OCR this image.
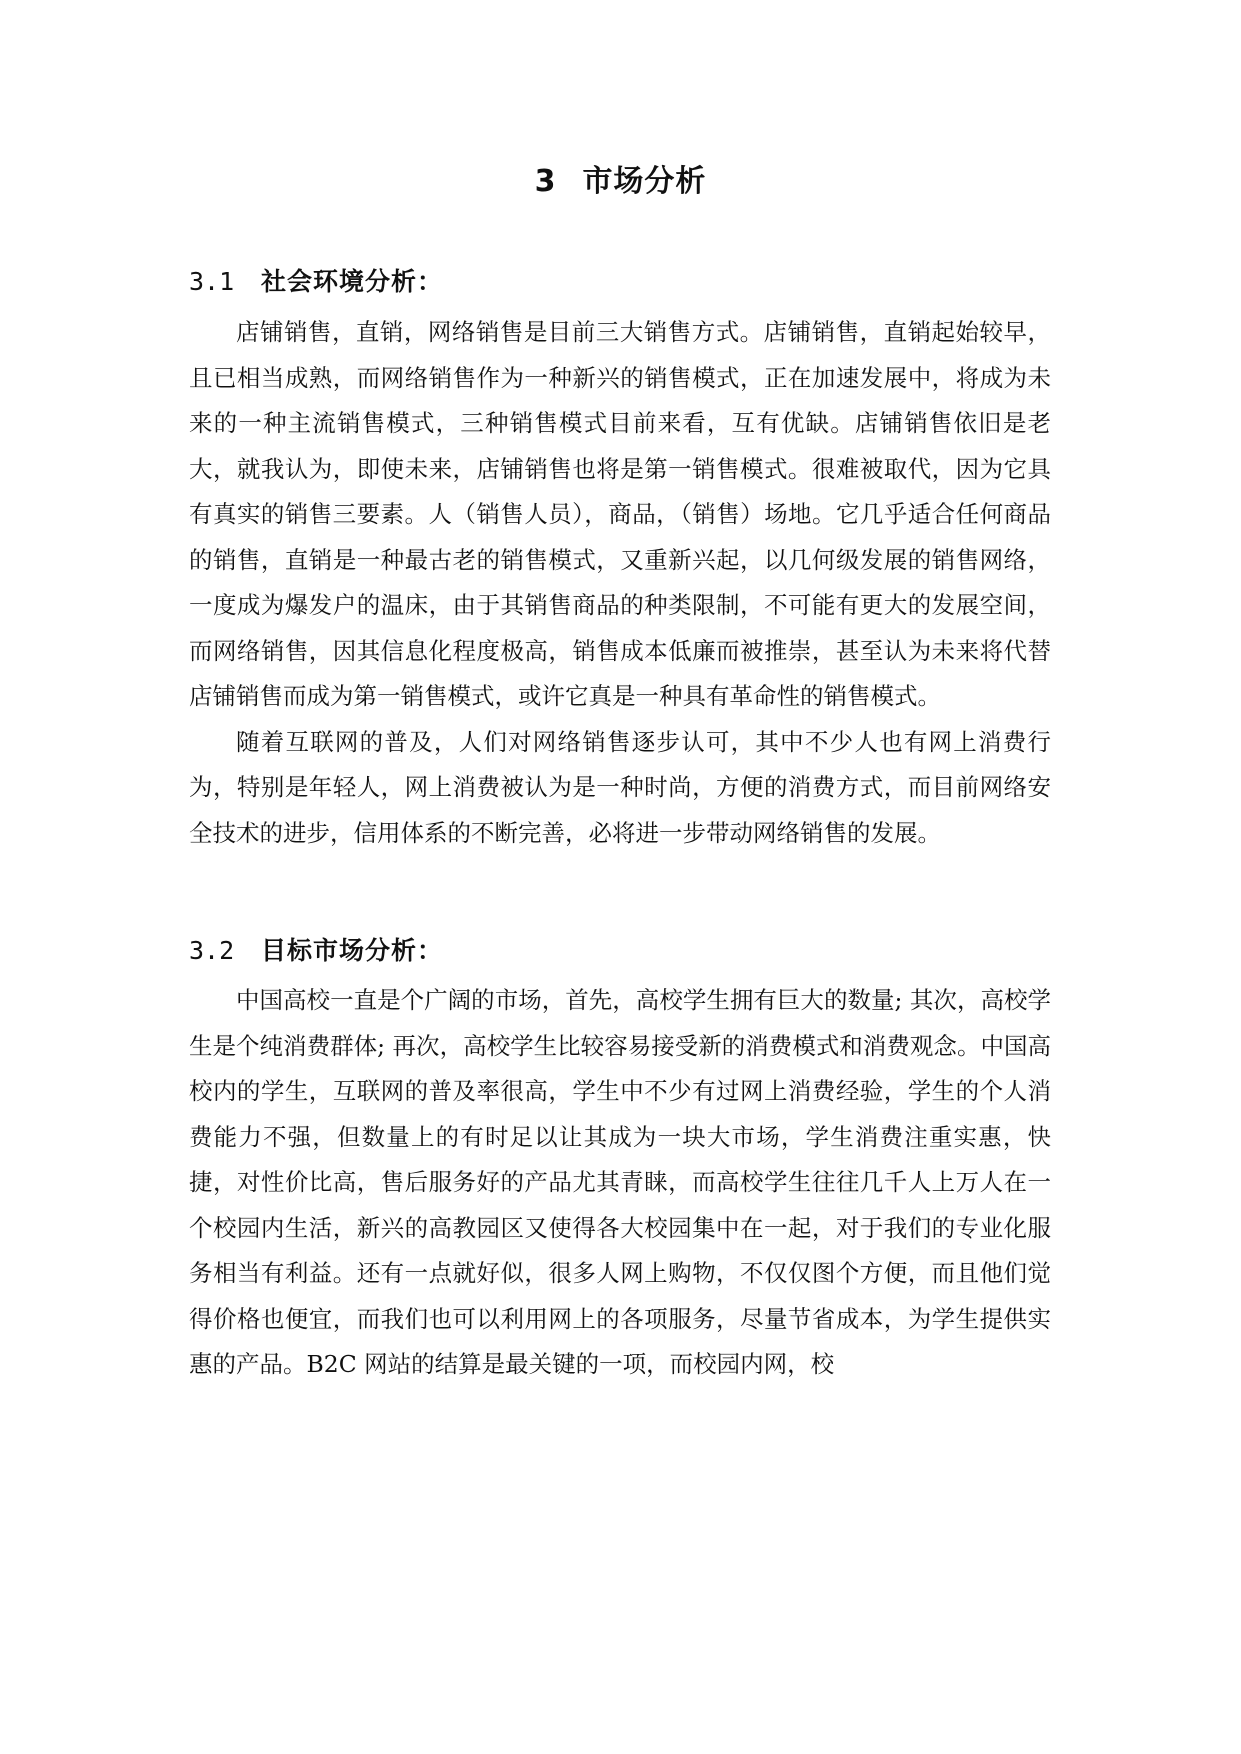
3 市场分析
3.1 社会环境分析：

店铺销售，直销，网络销售是目前三大销售方式。店铺销售，直销起始较早，且已相当成熟，而网络销售作为一种新兴的销售模式，正在加速发展中，将成为未来的一种主流销售模式，三种销售模式目前来看，互有优缺。店铺销售依旧是老大，就我认为，即使未来，店铺销售也将是第一销售模式。很难被取代，因为它具有真实的销售三要素。人（销售人员），商品，（销售）场地。它几乎适合任何商品的销售，直销是一种最古老的销售模式，又重新兴起，以几何级发展的销售网络，一度成为爆发户的温床，由于其销售商品的种类限制，不可能有更大的发展空间，而网络销售，因其信息化程度极高，销售成本低廉而被推崇，甚至认为未来将代替店铺销售而成为第一销售模式，或许它真是一种具有革命性的销售模式。

随着互联网的普及，人们对网络销售逐步认可，其中不少人也有网上消费行为，特别是年轻人，网上消费被认为是一种时尚，方便的消费方式，而目前网络安全技术的进步，信用体系的不断完善，必将进一步带动网络销售的发展。

3.2 目标市场分析：

中国高校一直是个广阔的市场，首先，高校学生拥有巨大的数量; 其次，高校学生是个纯消费群体; 再次，高校学生比较容易接受新的消费模式和消费观念。中国高校内的学生，互联网的普及率很高，学生中不少有过网上消费经验，学生的个人消费能力不强，但数量上的有时足以让其成为一块大市场，学生消费注重实惠，快捷，对性价比高，售后服务好的产品尤其青睐，而高校学生往往几千人上万人在一个校园内生活，新兴的高教园区又使得各大校园集中在一起，对于我们的专业化服务相当有利益。还有一点就好似，很多人网上购物，不仅仅图个方便，而且他们觉得价格也便宜，而我们也可以利用网上的各项服务，尽量节省成本，为学生提供实惠的产品。B2C 网站的结算是最关键的一项，而校园内网，校
